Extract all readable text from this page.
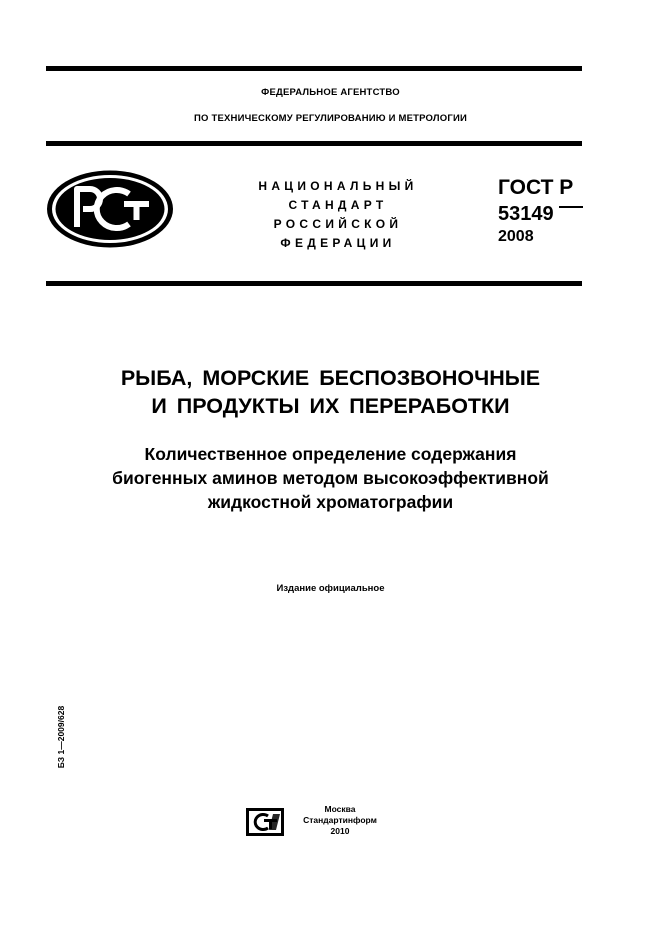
ФЕДЕРАЛЬНОЕ АГЕНТСТВО
ПО ТЕХНИЧЕСКОМУ РЕГУЛИРОВАНИЮ И МЕТРОЛОГИИ
НАЦИОНАЛЬНЫЙ
СТАНДАРТ
РОССИЙСКОЙ
ФЕДЕРАЦИИ
ГОСТ Р
53149
2008
РЫБА, МОРСКИЕ БЕСПОЗВОНОЧНЫЕ
И ПРОДУКТЫ ИХ ПЕРЕРАБОТКИ
Количественное определение содержания
биогенных аминов методом высокоэффективной
жидкостной хроматографии
Издание официальное
БЗ 1—2009/628
Москва
Стандартинформ
2010
